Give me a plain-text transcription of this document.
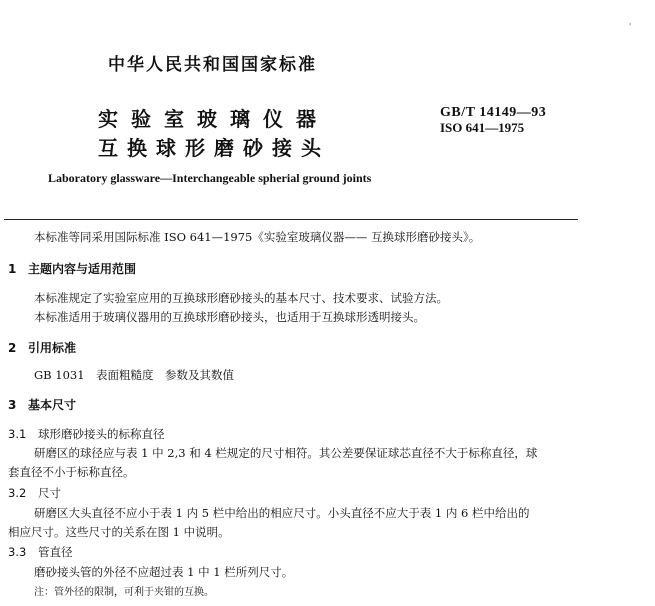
中华人民共和国国家标准
实验室玻璃仪器
互换球形磨砂接头
GB/T 14149—93
ISO 641—1975
Laboratory glassware—Interchangeable spherial ground joints
'
本标准等同采用国际标准 ISO 641—1975《实验室玻璃仪器—— 互换球形磨砂接头》。
1 主题内容与适用范围
本标准规定了实验室应用的互换球形磨砂接头的基本尺寸、技术要求、试验方法。
本标准适用于玻璃仪器用的互换球形磨砂接头，也适用于互换球形透明接头。
2 引用标准
GB 1031　表面粗糙度　参数及其数值
3 基本尺寸
3.1 球形磨砂接头的标称直径
研磨区的球径应与表 1 中 2,3 和 4 栏规定的尺寸相符。其公差要保证球芯直径不大于标称直径，球
套直径不小于标称直径。
3.2 尺寸
研磨区大头直径不应小于表 1 内 5 栏中给出的相应尺寸。小头直径不应大于表 1 内 6 栏中给出的
相应尺寸。这些尺寸的关系在图 1 中说明。
3.3 管直径
磨砂接头管的外径不应超过表 1 中 1 栏所列尺寸。
注：管外径的限制，可利于夹钳的互换。
